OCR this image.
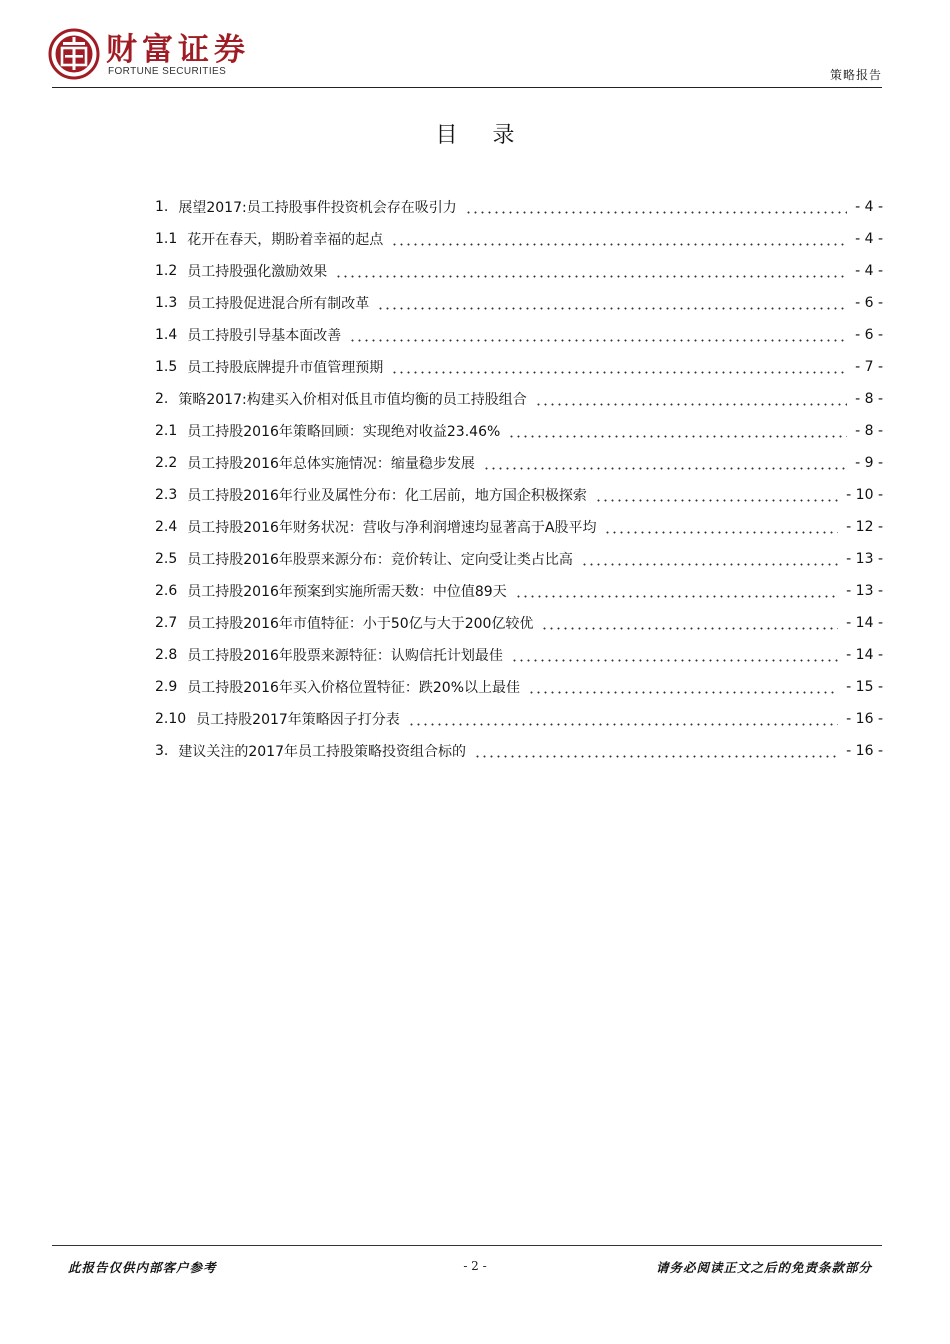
财富证券
FORTUNE SECURITIES	策略报告
目 录
1. 展望2017:员工持股事件投资机会存在吸引力	- 4 -
1.1 花开在春天，期盼着幸福的起点	- 4 -
1.2 员工持股强化激励效果	- 4 -
1.3 员工持股促进混合所有制改革	- 6 -
1.4 员工持股引导基本面改善	- 6 -
1.5 员工持股底牌提升市值管理预期	- 7 -
2. 策略2017:构建买入价相对低且市值均衡的员工持股组合	- 8 -
2.1 员工持股2016年策略回顾：实现绝对收益23.46%	- 8 -
2.2 员工持股2016年总体实施情况：缩量稳步发展	- 9 -
2.3 员工持股2016年行业及属性分布：化工居前，地方国企积极探索	- 10 -
2.4 员工持股2016年财务状况：营收与净利润增速均显著高于A股平均	- 12 -
2.5 员工持股2016年股票来源分布：竞价转让、定向受让类占比高	- 13 -
2.6 员工持股2016年预案到实施所需天数：中位值89天	- 13 -
2.7 员工持股2016年市值特征：小于50亿与大于200亿较优	- 14 -
2.8 员工持股2016年股票来源特征：认购信托计划最佳	- 14 -
2.9 员工持股2016年买入价格位置特征：跌20%以上最佳	- 15 -
2.10 员工持股2017年策略因子打分表	- 16 -
3. 建议关注的2017年员工持股策略投资组合标的	- 16 -
此报告仅供内部客户参考	- 2 -	请务必阅读正文之后的免责条款部分
